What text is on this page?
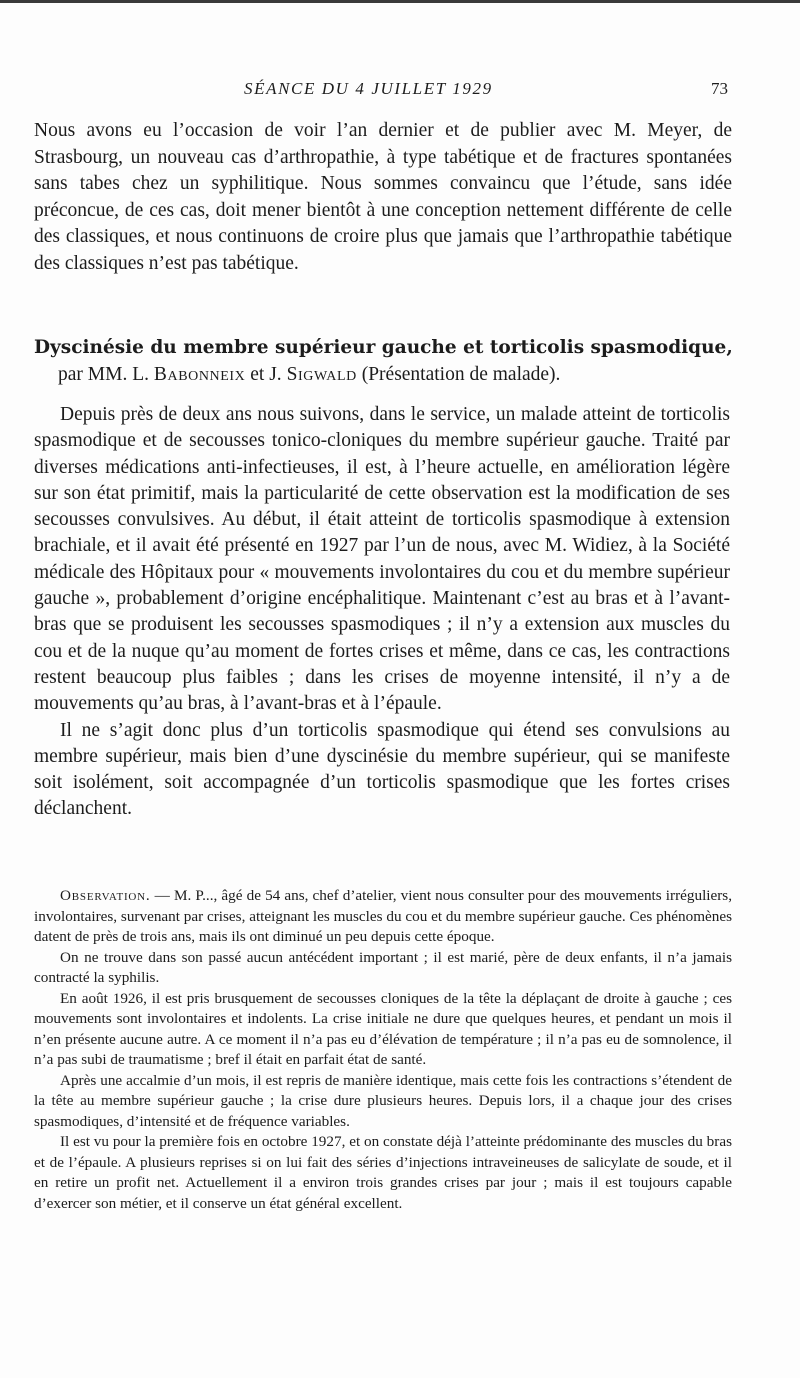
SÉANCE DU 4 JUILLET 1929	73
Nous avons eu l’occasion de voir l’an dernier et de publier avec M. Meyer, de Strasbourg, un nouveau cas d’arthropathie, à type tabétique et de fractures spontanées sans tabes chez un syphilitique. Nous sommes convaincu que l’étude, sans idée préconcue, de ces cas, doit mener bientôt à une conception nettement différente de celle des classiques, et nous continuons de croire plus que jamais que l’arthropathie tabétique des classiques n’est pas tabétique.
Dyscinésie du membre supérieur gauche et torticolis spasmodique,
par MM. L. Babonneix et J. Sigwald (Présentation de malade).

Depuis près de deux ans nous suivons, dans le service, un malade atteint de torticolis spasmodique et de secousses tonico-cloniques du membre supérieur gauche. Traité par diverses médications anti-infectieuses, il est, à l’heure actuelle, en amélioration légère sur son état primitif, mais la particularité de cette observation est la modification de ses secousses convulsives. Au début, il était atteint de torticolis spasmodique à extension brachiale, et il avait été présenté en 1927 par l’un de nous, avec M. Widiez, à la Société médicale des Hôpitaux pour « mouvements involontaires du cou et du membre supérieur gauche », probablement d’origine encéphalitique. Maintenant c’est au bras et à l’avant-bras que se produisent les secousses spasmodiques ; il n’y a extension aux muscles du cou et de la nuque qu’au moment de fortes crises et même, dans ce cas, les contractions restent beaucoup plus faibles ; dans les crises de moyenne intensité, il n’y a de mouvements qu’au bras, à l’avant-bras et à l’épaule.

Il ne s’agit donc plus d’un torticolis spasmodique qui étend ses convulsions au membre supérieur, mais bien d’une dyscinésie du membre supérieur, qui se manifeste soit isolément, soit accompagnée d’un torticolis spasmodique que les fortes crises déclanchent.

Observation. — M. P..., âgé de 54 ans, chef d’atelier, vient nous consulter pour des mouvements irréguliers, involontaires, survenant par crises, atteignant les muscles du cou et du membre supérieur gauche. Ces phénomènes datent de près de trois ans, mais ils ont diminué un peu depuis cette époque.

On ne trouve dans son passé aucun antécédent important ; il est marié, père de deux enfants, il n’a jamais contracté la syphilis.

En août 1926, il est pris brusquement de secousses cloniques de la tête la déplaçant de droite à gauche ; ces mouvements sont involontaires et indolents. La crise initiale ne dure que quelques heures, et pendant un mois il n’en présente aucune autre. A ce moment il n’a pas eu d’élévation de température ; il n’a pas eu de somnolence, il n’a pas subi de traumatisme ; bref il était en parfait état de santé.

Après une accalmie d’un mois, il est repris de manière identique, mais cette fois les contractions s’étendent de la tête au membre supérieur gauche ; la crise dure plusieurs heures. Depuis lors, il a chaque jour des crises spasmodiques, d’intensité et de fréquence variables.

Il est vu pour la première fois en octobre 1927, et on constate déjà l’atteinte prédominante des muscles du bras et de l’épaule. A plusieurs reprises si on lui fait des séries d’injections intraveineuses de salicylate de soude, et il en retire un profit net. Actuellement il a environ trois grandes crises par jour ; mais il est toujours capable d’exercer son métier, et il conserve un état général excellent.
